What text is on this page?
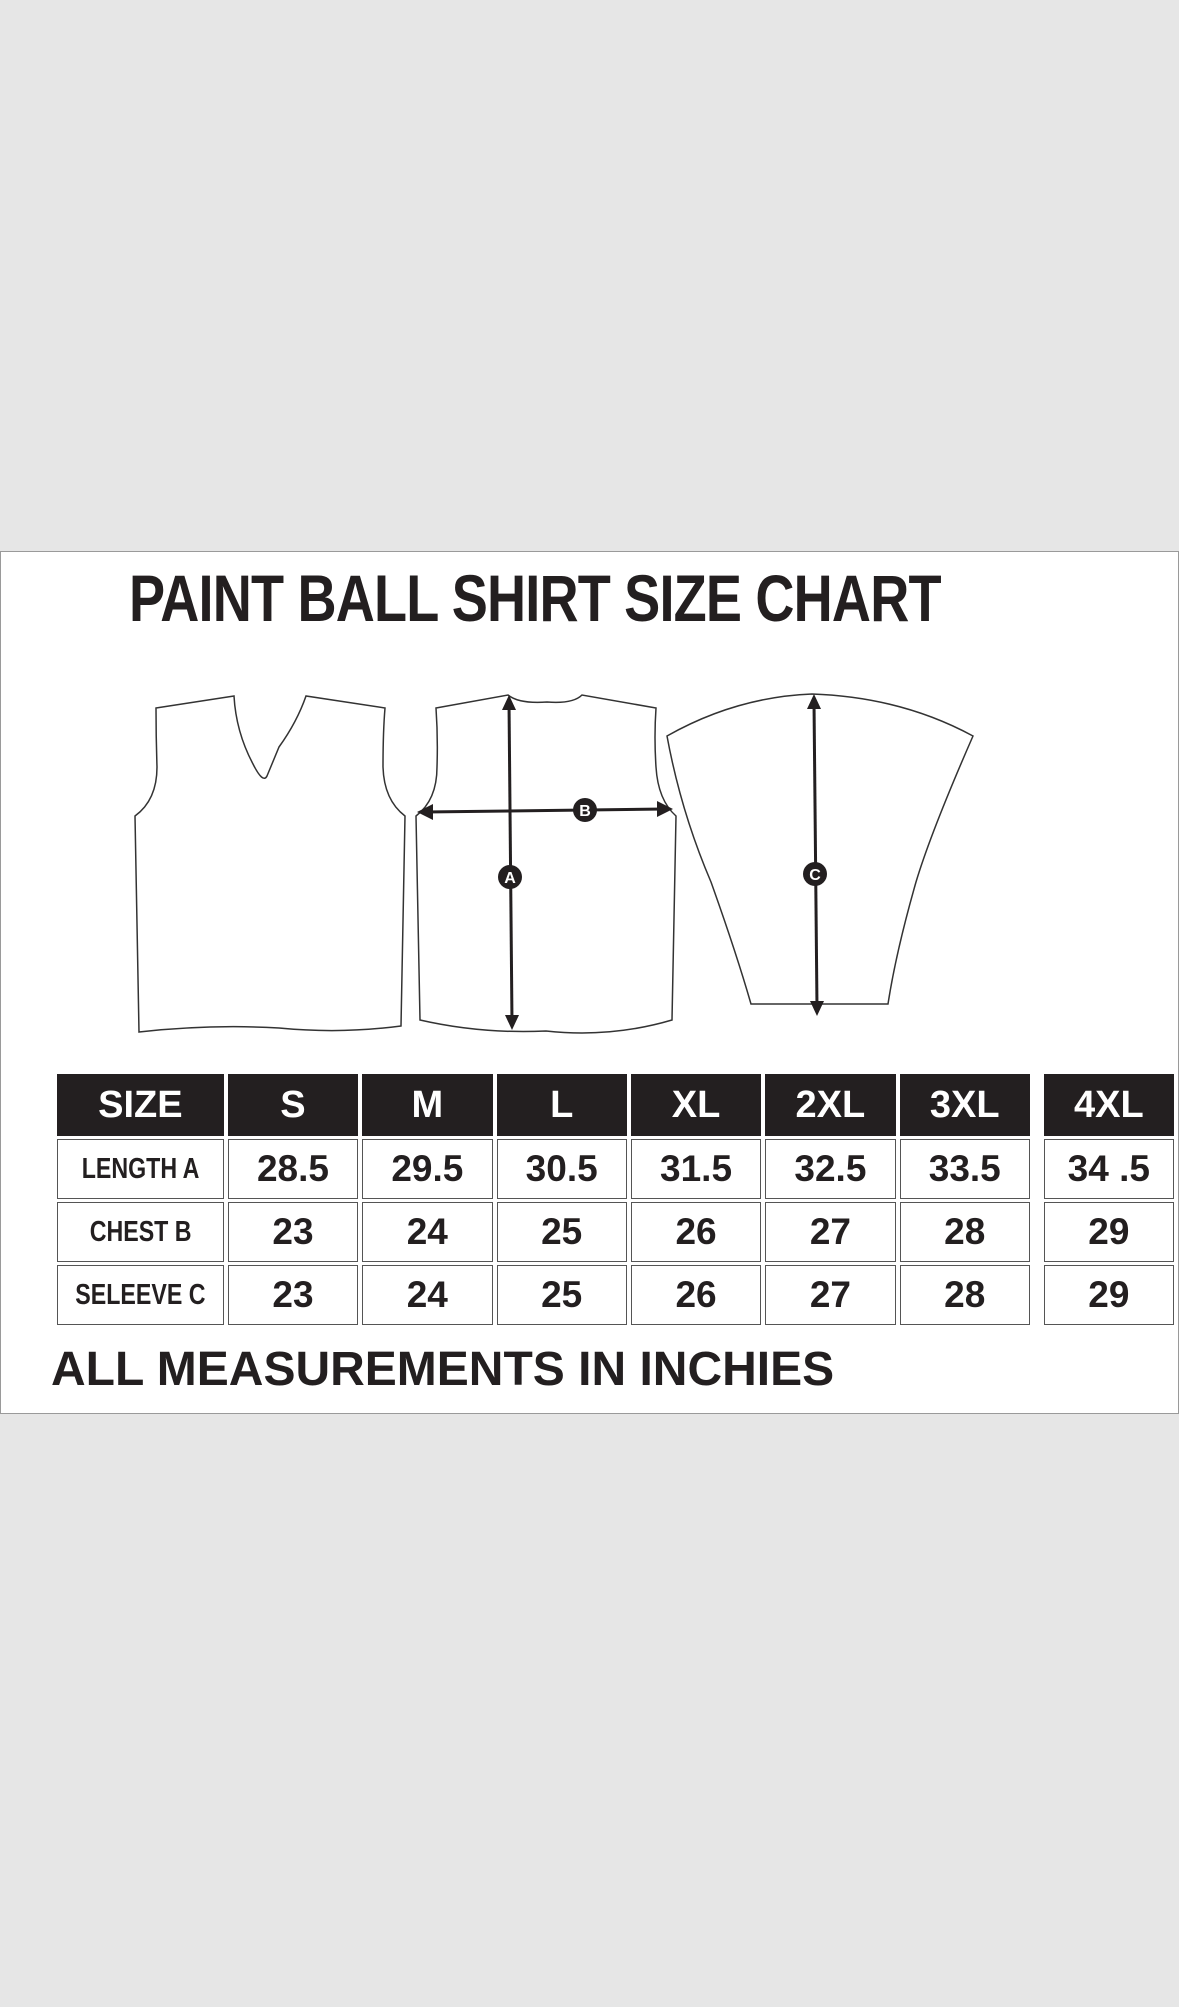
PAINT BALL SHIRT SIZE CHART
A
B
C
SIZE	S	M	L	XL	2XL	3XL		4XL
LENGTH A	28.5	29.5	30.5	31.5	32.5	33.5		34 .5
CHEST B	23	24	25	26	27	28		29
SELEEVE C	23	24	25	26	27	28		29
ALL MEASUREMENTS IN INCHIES
